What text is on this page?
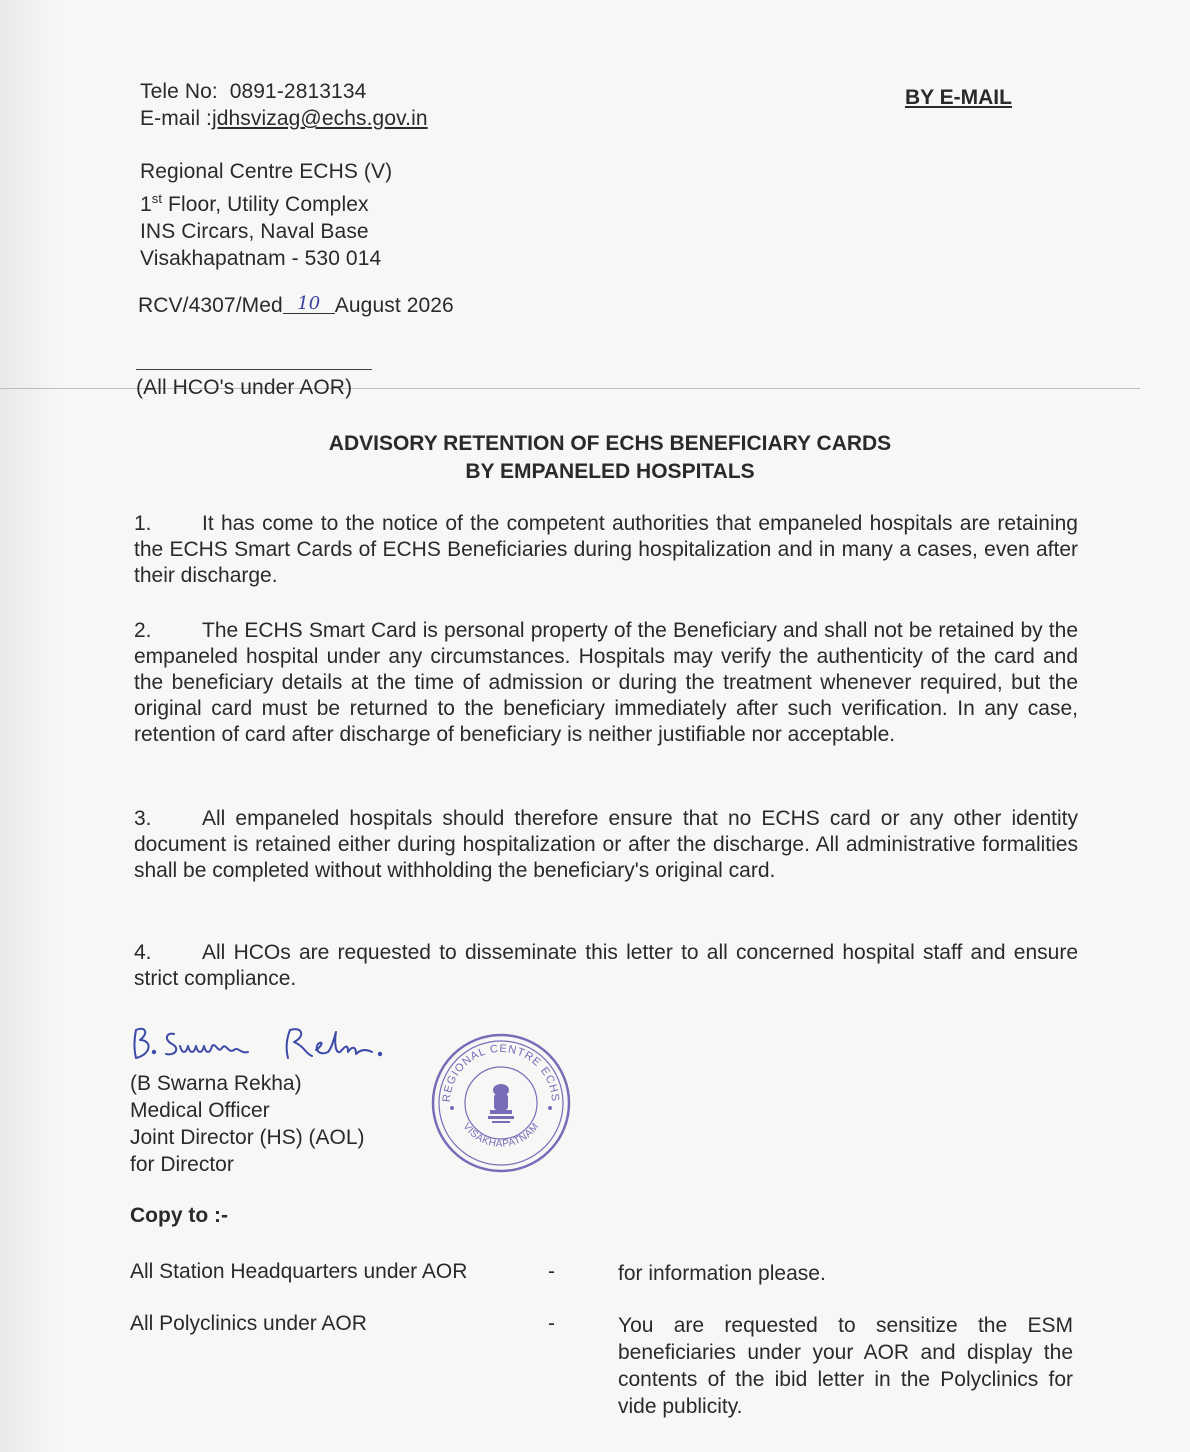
Tele No: 0891-2813134
E-mail :jdhsvizag@echs.gov.in
BY E-MAIL
Regional Centre ECHS (V)
1st Floor, Utility Complex
INS Circars, Naval Base
Visakhapatnam - 530 014
RCV/4307/Med 10 August 2026
(All HCO's under AOR)
ADVISORY RETENTION OF ECHS BENEFICIARY CARDS
BY EMPANELED HOSPITALS
1. It has come to the notice of the competent authorities that empaneled hospitals are retaining the ECHS Smart Cards of ECHS Beneficiaries during hospitalization and in many a cases, even after their discharge.
2. The ECHS Smart Card is personal property of the Beneficiary and shall not be retained by the empaneled hospital under any circumstances. Hospitals may verify the authenticity of the card and the beneficiary details at the time of admission or during the treatment whenever required, but the original card must be returned to the beneficiary immediately after such verification. In any case, retention of card after discharge of beneficiary is neither justifiable nor acceptable.
3. All empaneled hospitals should therefore ensure that no ECHS card or any other identity document is retained either during hospitalization or after the discharge. All administrative formalities shall be completed without withholding the beneficiary's original card.
4. All HCOs are requested to disseminate this letter to all concerned hospital staff and ensure strict compliance.
(B Swarna Rekha)
Medical Officer
Joint Director (HS) (AOL)
for Director
REGIONAL CENTRE ECHS
VISAKHAPATNAM
Copy to :-
All Station Headquarters under AOR	-	for information please.
All Polyclinics under AOR	-	You are requested to sensitize the ESM beneficiaries under your AOR and display the contents of the ibid letter in the Polyclinics for vide publicity.
